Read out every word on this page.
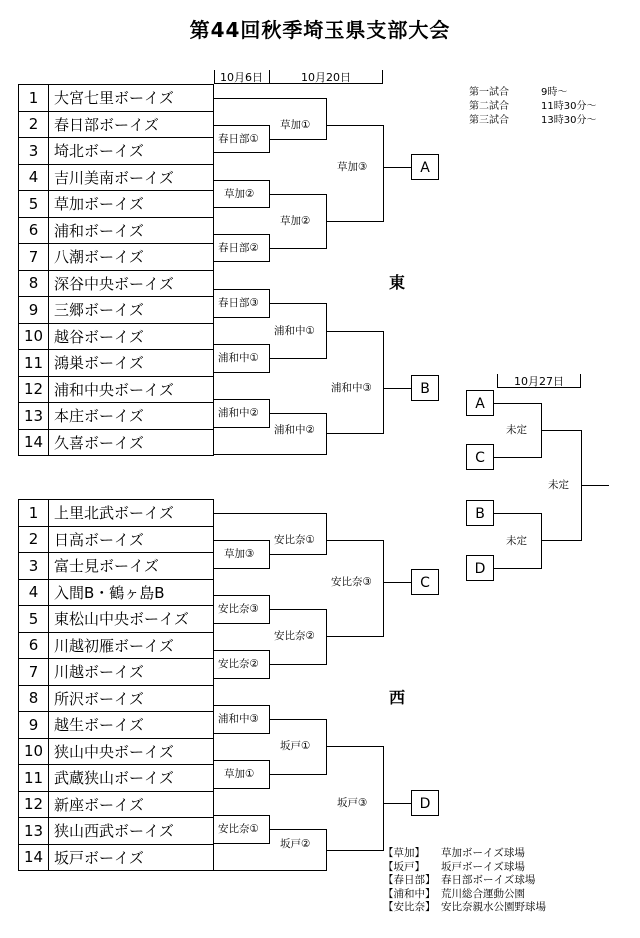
第44回秋季埼玉県支部大会
10月6日	10月20日
10月27日
第一試合	9時～
第二試合	11時30分～
第三試合	13時30分～
1	大宮七里ボーイズ
2	春日部ボーイズ
3	埼北ボーイズ
4	吉川美南ボーイズ
5	草加ボーイズ
6	浦和ボーイズ
7	八潮ボーイズ
8	深谷中央ボーイズ
9	三郷ボーイズ
10	越谷ボーイズ
11	鴻巣ボーイズ
12	浦和中央ボーイズ
13	本庄ボーイズ
14	久喜ボーイズ
1	上里北武ボーイズ
2	日高ボーイズ
3	富士見ボーイズ
4	入間B・鶴ヶ島B
5	東松山中央ボーイズ
6	川越初雁ボーイズ
7	川越ボーイズ
8	所沢ボーイズ
9	越生ボーイズ
10	狭山中央ボーイズ
11	武蔵狭山ボーイズ
12	新座ボーイズ
13	狭山西武ボーイズ
14	坂戸ボーイズ
春日部①
草加②
春日部②
春日部③
浦和中①
浦和中②
草加①
草加②
浦和中①
浦和中②
草加③
浦和中③
A
B
東
草加③
安比奈③
安比奈②
浦和中③
草加①
安比奈①
安比奈①
安比奈②
坂戸①
坂戸②
安比奈③
坂戸③
C
D
西
A
C
B
D
未定
未定
未定
【草加】 草加ボーイズ球場
【坂戸】 坂戸ボーイズ球場
【春日部】 春日部ボーイズ球場
【浦和中】 荒川総合運動公園
【安比奈】 安比奈親水公園野球場
